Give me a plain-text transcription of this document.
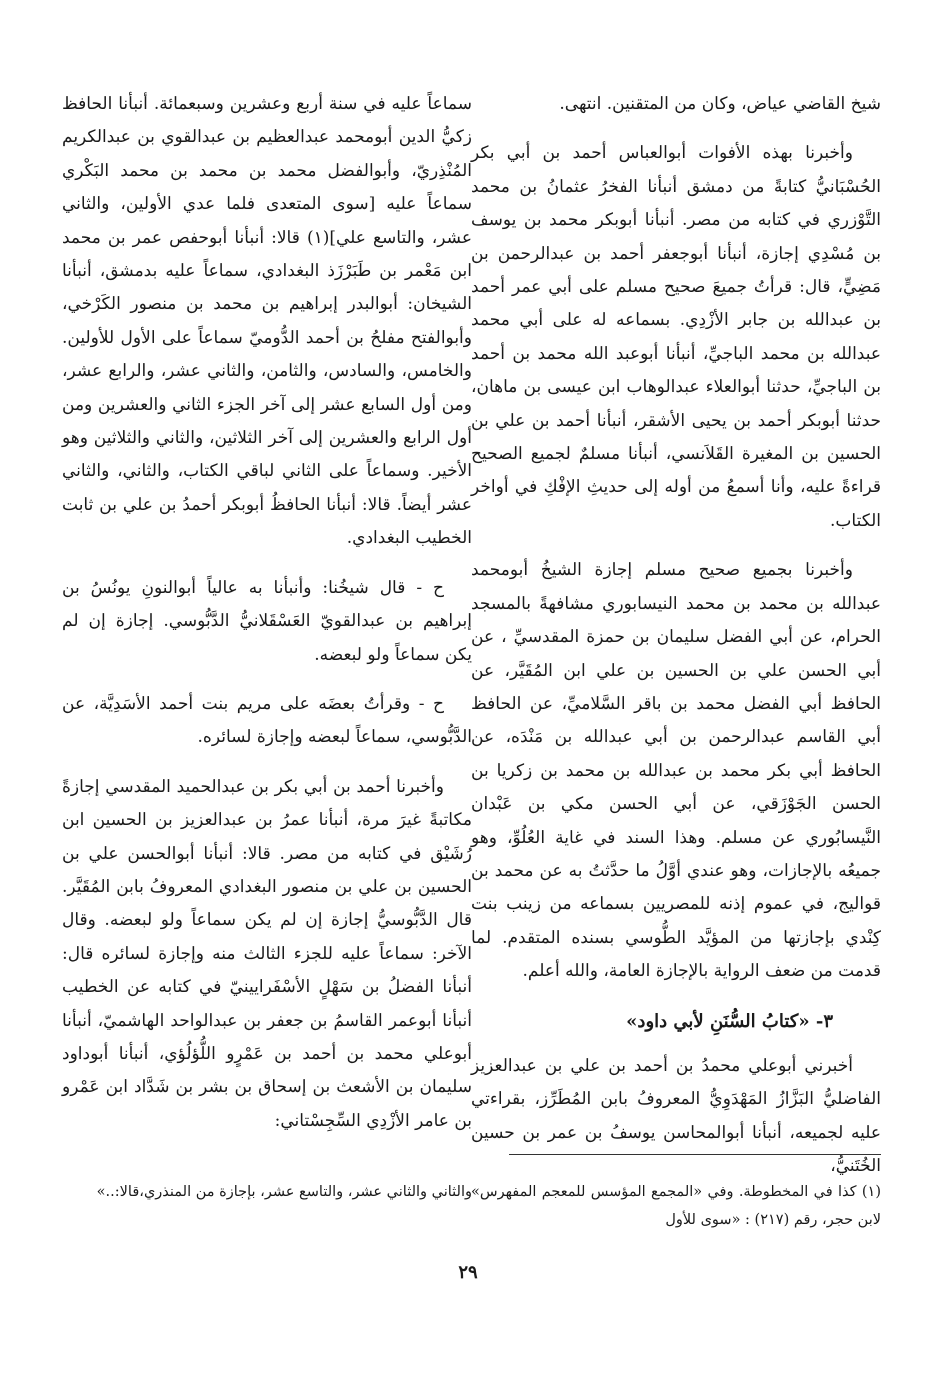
شيخ القاضي عياض، وكان من المتقنين. انتهى.

وأخبرنا بهذه الأفوات أبوالعباس أحمد بن أبي بكر الحُسْبَانيُّ كتابةً من دمشق أنبأنا الفخرُ عثمانُ بن محمد التَّوْزري في كتابه من مصر. أنبأنا أبوبكر محمد بن يوسف بن مُسْدِي إجازة، أنبأنا أبوجعفر أحمد بن عبدالرحمن بن مَضِيٍّ، قال: قرأتُ جميعَ صحيح مسلم على أبي عمر أحمد بن عبدالله بن جابر الأزْدِي. بسماعه له على أبي محمد عبدالله بن محمد الباجيِّ، أنبأنا أبوعبد الله محمد بن أحمد بن الباجيِّ، حدثنا أبوالعلاء عبدالوهاب ابن عيسى بن ماهان، حدثنا أبوبكر أحمد بن يحيى الأشقر، أنبأنا أحمد بن علي بن الحسين بن المغيرة القَلاَنسي، أنبأنا مسلمٌ لجميع الصحيح قراءةً عليه، وأنا أسمعُ من أوله إلى حديثِ الإفْكِ في أواخر الكتاب.

وأخبرنا بجميع صحيح مسلم إجازة الشيخُ أبومحمد عبدالله بن محمد بن محمد النيسابوري مشافهةً بالمسجد الحرام، عن أبي الفضل سليمان بن حمزة المقدسيِّ ، عن أبي الحسن علي بن الحسين بن علي ابن المُقَيَّر، عن الحافظ أبي الفضل محمد بن باقر السَّلاميِّ، عن الحافظ أبي القاسم عبدالرحمن بن أبي عبدالله بن مَنْدَه، عن الحافظ أبي بكر محمد بن عبدالله بن محمد بن زكريا بن الحسن الجَوْزَقي، عن أبي الحسن مكي بن عَبْدان النَّيسابُوري عن مسلم. وهذا السند في غاية العُلُوِّ، وهو جميعُه بالإجازات، وهو عندي أوَّلُ ما حدَّثتُ به عن محمد بن قواليج، في عموم إذنه للمصريين بسماعه من زينب بنت كِنْدي بإجازتها من المؤيَّد الطُّوسي بسنده المتقدم. لما قدمت من ضعف الرواية بالإجازة العامة، والله أعلم.

٣- «كتابُ السُّنَنِ لأبي داود»

أخبرني أبوعلي محمدُ بن أحمد بن علي بن عبدالعزيز الفاضليُّ البَزَّازُ المَهْدَوِيُّ المعروفُ بابن المُطَرِّز، بقراءتي عليه لجميعه، أنبأنا أبوالمحاسن يوسفُ بن عمر بن حسين الخُتَنيُّ،

سماعاً عليه في سنة أربع وعشرين وسبعمائة. أنبأنا الحافظ زكيُّ الدين أبومحمد عبدالعظيم بن عبدالقوي بن عبدالكريم المُنْذِريّ، وأبوالفضل محمد بن محمد بن محمد البَكْري سماعاً عليه [سوى المتعدى فلما عدي الأولين، والثاني عشر، والتاسع علي](١) قالا: أنبأنا أبوحفص عمر بن محمد ابن مَعْمر بن طَبَرْزَذ البغدادي، سماعاً عليه بدمشق، أنبأنا الشيخان: أبوالبدر إبراهيم بن محمد بن منصور الكَرْخي، وأبوالفتح مفلحُ بن أحمد الدُّوميّ سماعاً على الأول للأولين. والخامس، والسادس، والثامن، والثاني عشر، والرابع عشر، ومن أول السابع عشر إلى آخر الجزء الثاني والعشرين ومن أول الرابع والعشرين إلى آخر الثلاثين، والثاني والثلاثين وهو الأخير. وسماعاً على الثاني لباقي الكتاب، والثاني، والثاني عشر أيضاً. قالا: أنبأنا الحافظُ أبوبكر أحمدُ بن علي بن ثابت الخطيب البغدادي.

ح - قال شيخُنا: وأنبأنا به عالياً أبوالنونِ يونُسُ بن إبراهيم بن عبدالقويّ العَسْقَلانيُّ الدَّبُّوسي. إجازة إن لم يكن سماعاً ولو لبعضه.

ح - وقرأتُ بعضَه على مريم بنت أحمد الأسَدِيَّة، عن الدَّبُّوسي، سماعاً لبعضه وإجازة لسائره.

وأخبرنا أحمد بن أبي بكر بن عبدالحميد المقدسي إجازةً مكاتبةً غيرَ مرة، أنبأنا عمرُ بن عبدالعزيز بن الحسين ابن رُشَيْق في كتابه من مصر. قالا: أنبأنا أبوالحسن علي بن الحسين بن علي بن منصور البغدادي المعروفُ بابن المُقَيَّر. قال الدَّبُّوسيُّ إجازة إن لم يكن سماعاً ولو لبعضه. وقال الآخر: سماعاً عليه للجزء الثالث منه وإجازة لسائره قال: أنبأنا الفضلُ بن سَهْلٍ الأسْفَرايينيّ في كتابه عن الخطيب أنبأنا أبوعمر القاسمُ بن جعفر بن عبدالواحد الهاشميّ، أنبأنا أبوعلي محمد بن أحمد بن عَمْرٍو اللُّؤلُؤي، أنبأنا أبوداود سليمان بن الأشعث بن إسحاق بن بشر بن شَدَّاد ابن عَمْرو بن عامر الأزْدِي السِّجِسْتاني:

(١) كذا في المخطوطة. وفي «المجمع المؤسس للمعجم المفهرس» لابن حجر، رقم (٢١٧) : «سوى للأول

والثاني والثاني عشر، والتاسع عشر، بإجازة من المنذري،قالا:..»

٢٩
